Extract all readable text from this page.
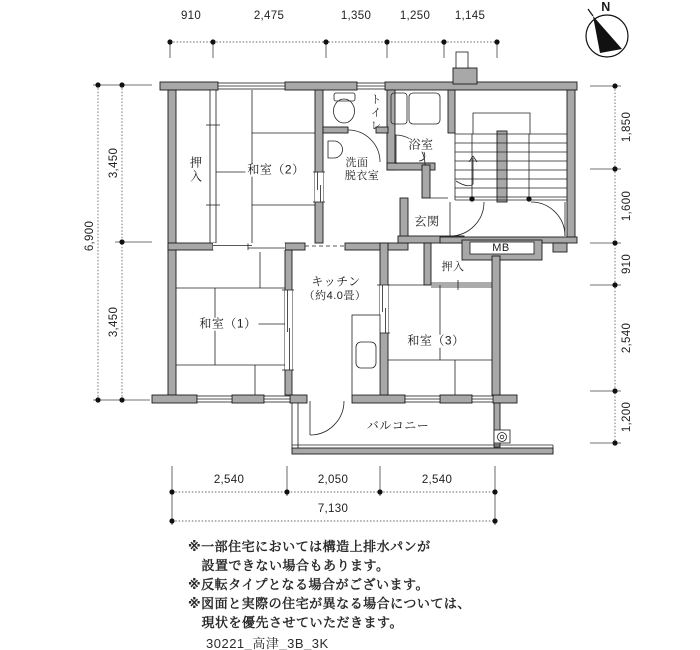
910	2,475	1,350 1,250 1,145
6,900
3,450
3,450
1,850
1,600
910
2,540
1,200
2,540	2,050	2,540
7,130
押入	和室（2）
トイレ
浴室
洗面
脱衣室
玄関
MB
押入
キッチン
（約4.0畳）
和室（1）
和室（3）
バルコニー
N
※一部住宅においては構造上排水パンが
　設置できない場合もあります。
※反転タイプとなる場合がございます。
※図面と実際の住宅が異なる場合については、
　現状を優先させていただきます。
30221_高津_3B_3K
